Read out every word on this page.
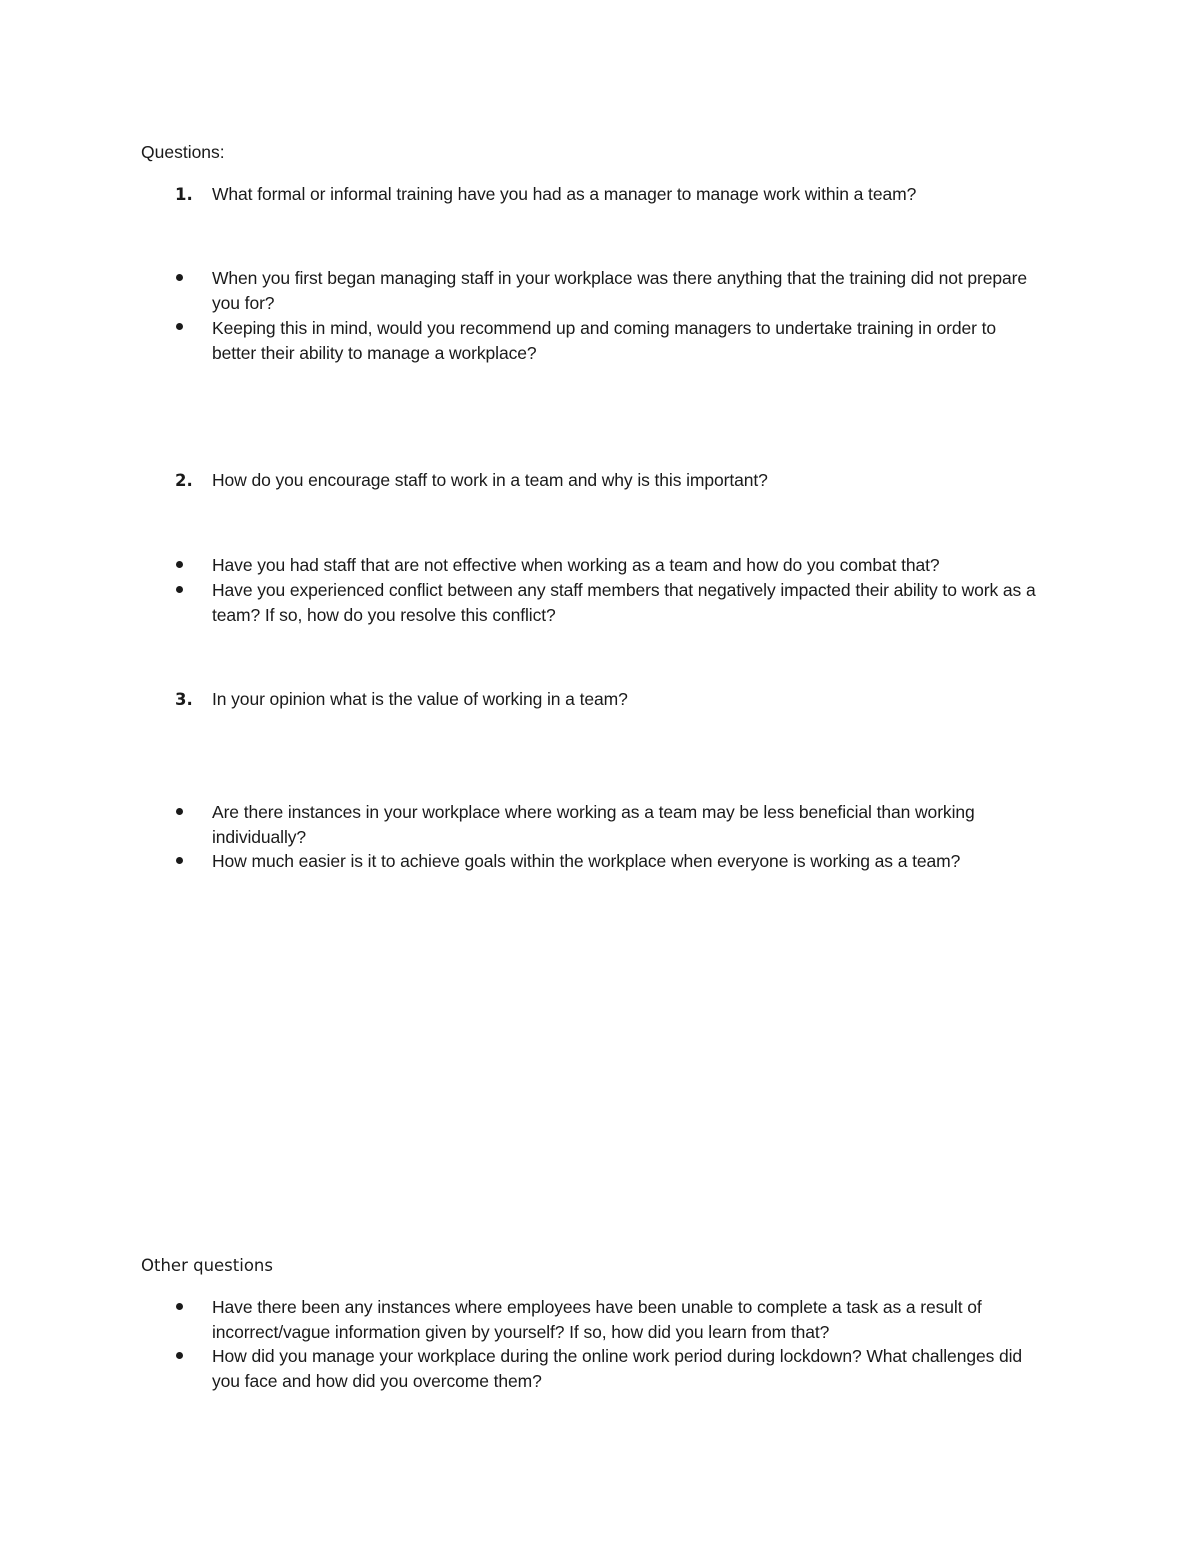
Questions:
1. What formal or informal training have you had as a manager to manage work within a team?
When you first began managing staff in your workplace was there anything that the training did not prepare you for?
Keeping this in mind, would you recommend up and coming managers to undertake training in order to better their ability to manage a workplace?
2. How do you encourage staff to work in a team and why is this important?
Have you had staff that are not effective when working as a team and how do you combat that?
Have you experienced conflict between any staff members that negatively impacted their ability to work as a team? If so, how do you resolve this conflict?
3. In your opinion what is the value of working in a team?
Are there instances in your workplace where working as a team may be less beneficial than working individually?
How much easier is it to achieve goals within the workplace when everyone is working as a team?
Other questions
Have there been any instances where employees have been unable to complete a task as a result of incorrect/vague information given by yourself? If so, how did you learn from that?
How did you manage your workplace during the online work period during lockdown? What challenges did you face and how did you overcome them?
